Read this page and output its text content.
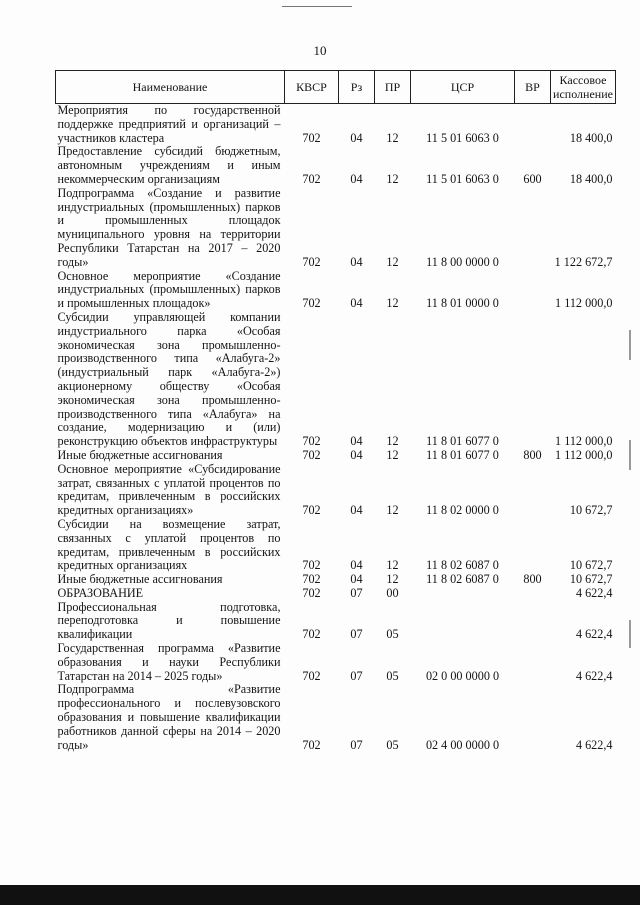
10
Наименование	КВСР	Рз	ПР	ЦСР	ВР	Кассовое исполнение
Мероприятия по государственной поддержке предприятий и организаций – участников кластера	702	04	12	11 5 01 6063 0		18 400,0
Предоставление субсидий бюджетным, автономным учреждениям и иным некоммерческим организациям	702	04	12	11 5 01 6063 0	600	18 400,0
Подпрограмма «Создание и развитие индустриальных (промышленных) парков и промышленных площадок муниципального уровня на территории Республики Татарстан на 2017 – 2020 годы»	702	04	12	11 8 00 0000 0		1 122 672,7
Основное мероприятие «Создание индустриальных (промышленных) парков и промышленных площадок»	702	04	12	11 8 01 0000 0		1 112 000,0
Субсидии управляющей компании индустриального парка «Особая экономическая зона промышленно-производственного типа «Алабуга-2» (индустриальный парк «Алабуга-2») акционерному обществу «Особая экономическая зона промышленно-производственного типа «Алабуга» на создание, модернизацию и (или) реконструкцию объектов инфраструктуры	702	04	12	11 8 01 6077 0		1 112 000,0
Иные бюджетные ассигнования	702	04	12	11 8 01 6077 0	800	1 112 000,0
Основное мероприятие «Субсидирование затрат, связанных с уплатой процентов по кредитам, привлеченным в российских кредитных организациях»	702	04	12	11 8 02 0000 0		10 672,7
Субсидии на возмещение затрат, связанных с уплатой процентов по кредитам, привлеченным в российских кредитных организациях	702	04	12	11 8 02 6087 0		10 672,7
Иные бюджетные ассигнования	702	04	12	11 8 02 6087 0	800	10 672,7
ОБРАЗОВАНИЕ	702	07	00			4 622,4
Профессиональная подготовка, переподготовка и повышение квалификации	702	07	05			4 622,4
Государственная программа «Развитие образования и науки Республики Татарстан на 2014 – 2025 годы»	702	07	05	02 0 00 0000 0		4 622,4
Подпрограмма «Развитие профессионального и послевузовского образования и повышение квалификации работников данной сферы на 2014 – 2020 годы»	702	07	05	02 4 00 0000 0		4 622,4
